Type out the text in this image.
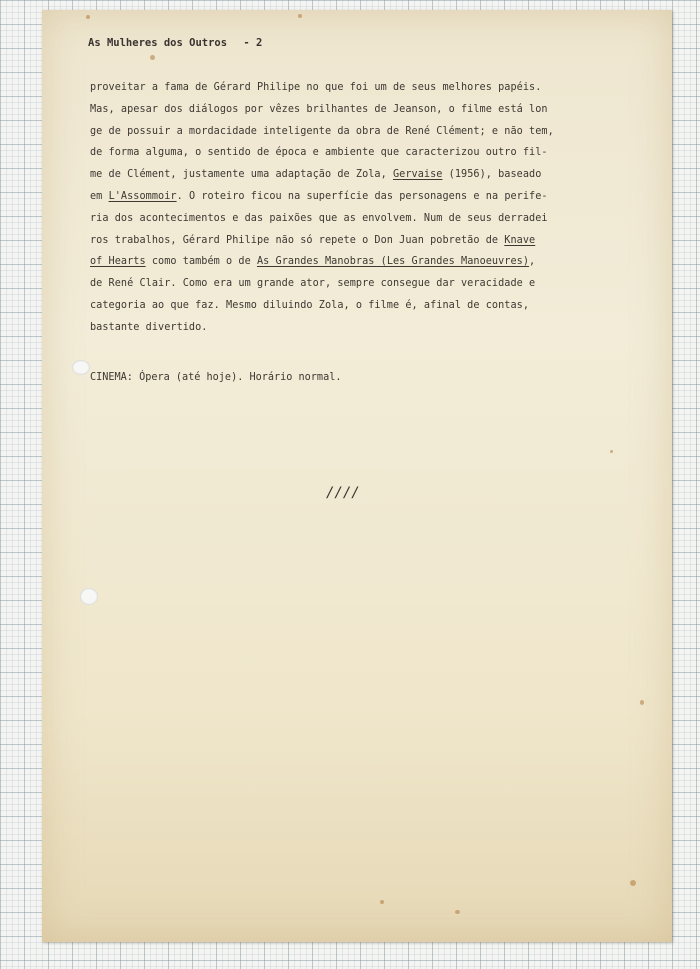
As Mulheres dos Outros - 2
proveitar a fama de Gérard Philipe no que foi um de seus melhores papéis.
Mas, apesar dos diálogos por vêzes brilhantes de Jeanson, o filme está lon
ge de possuir a mordacidade inteligente da obra de René Clément; e não tem,
de forma alguma, o sentido de época e ambiente que caracterizou outro fil-
me de Clément, justamente uma adaptação de Zola, Gervaise (1956), baseado
em L'Assommoir. O roteiro ficou na superfície das personagens e na perife-
ria dos acontecimentos e das paixões que as envolvem. Num de seus derradei
ros trabalhos, Gérard Philipe não só repete o Don Juan pobretão de Knave
of Hearts como também o de As Grandes Manobras (Les Grandes Manoeuvres),
de René Clair. Como era um grande ator, sempre consegue dar veracidade e
categoria ao que faz. Mesmo diluindo Zola, o filme é, afinal de contas,
bastante divertido.
CINEMA: Ópera (até hoje). Horário normal.
////
